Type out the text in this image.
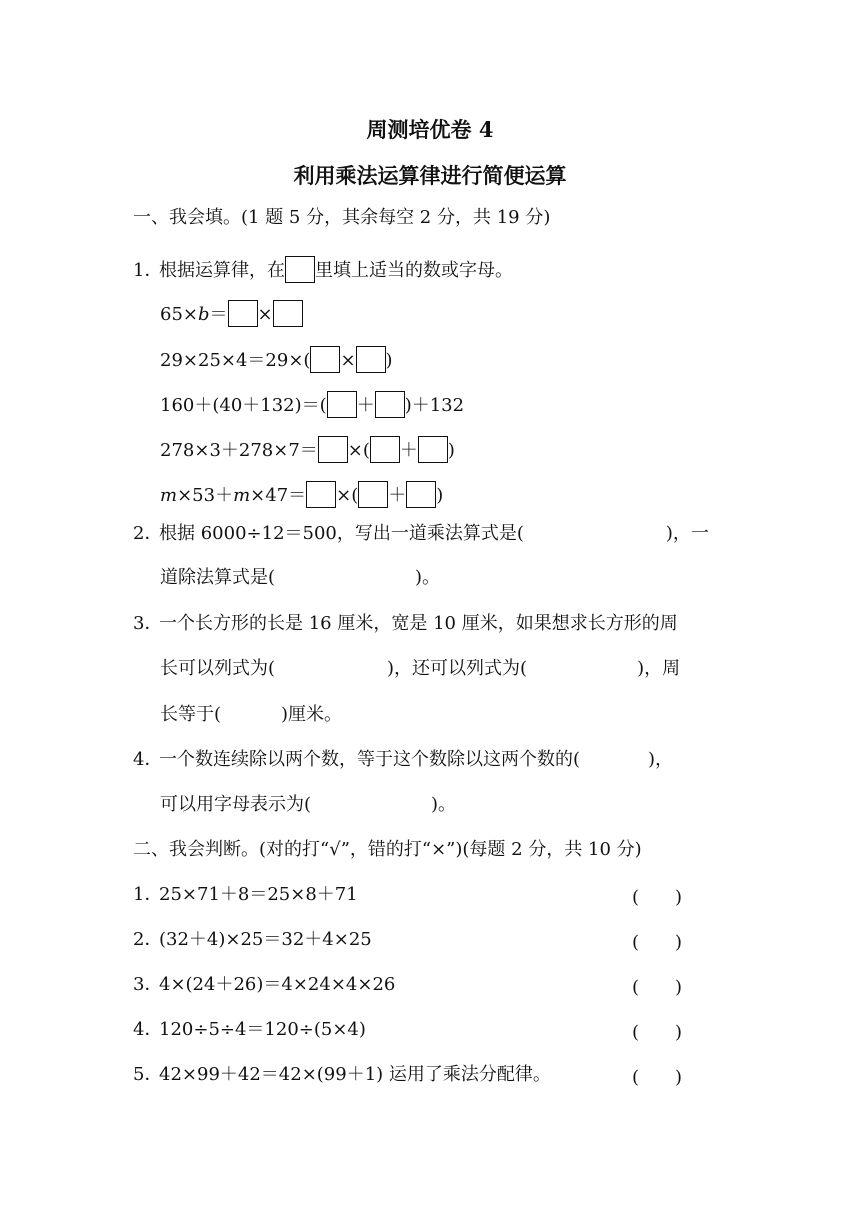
周测培优卷 4
利用乘法运算律进行简便运算
一、我会填。(1 题 5 分，其余每空 2 分，共 19 分)
1．根据运算律，在 里填上适当的数或字母。
65×b＝ ×
29×25×4＝29×( × )
160＋(40＋132)＝( ＋ )＋132
278×3＋278×7＝ ×( ＋ )
m×53＋m×47＝ ×( ＋ )
2．根据 6000÷12＝500，写出一道乘法算式是(	)，一
道除法算式是(	)。
3．一个长方形的长是 16 厘米，宽是 10 厘米，如果想求长方形的周
长可以列式为(	)，还可以列式为(	)，周
长等于(	)厘米。
4．一个数连续除以两个数，等于这个数除以这两个数的(	)，
可以用字母表示为(	)。
二、我会判断。(对的打“√”，错的打“×”)(每题 2 分，共 10 分)
1．25×71＋8＝25×8＋71	(　　)
2．(32＋4)×25＝32＋4×25	(　　)
3．4×(24＋26)＝4×24×4×26	(　　)
4．120÷5÷4＝120÷(5×4)	(　　)
5．42×99＋42＝42×(99＋1) 运用了乘法分配律。	(　　)
